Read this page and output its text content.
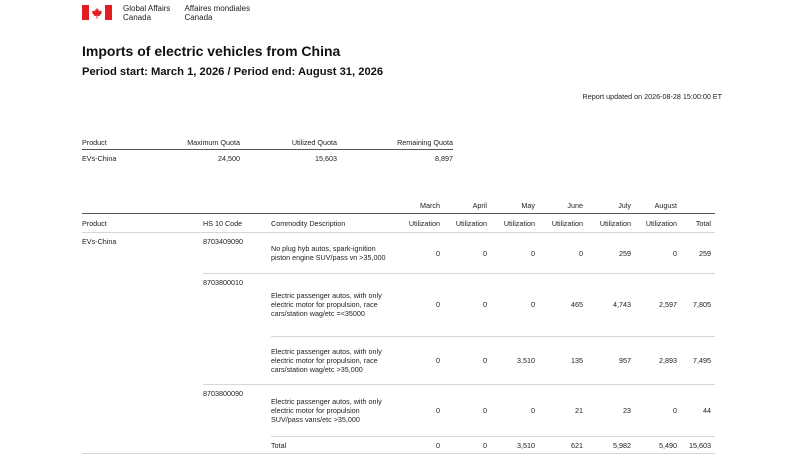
Global Affairs
Canada
Affaires mondiales
Canada
Imports of electric vehicles from China
Period start: March 1, 2026 / Period end: August 31, 2026
Report updated on 2026-08-28 15:00:00 ET
Product	Maximum Quota	Utilized Quota	Remaining Quota
EVs-China	24,500	15,603	8,897
			March	April	May	June	July	August	
Product	HS 10 Code	Commodity Description	Utilization	Utilization	Utilization	Utilization	Utilization	Utilization	Total
EVs-China	8703409090	No plug hyb autos, spark-ignition piston engine SUV/pass vn >35,000	0	0	0	0	259	0	259
	8703800010	Electric passenger autos, with only electric motor for propulsion, race cars/station wag/etc =<35000	0	0	0	465	4,743	2,597	7,805
		Electric passenger autos, with only electric motor for propulsion, race cars/station wag/etc >35,000	0	0	3,510	135	957	2,893	7,495
	8703800090	Electric passenger autos, with only electric motor for propulsion SUV/pass vans/etc >35,000	0	0	0	21	23	0	44
		Total	0	0	3,510	621	5,982	5,490	15,603
